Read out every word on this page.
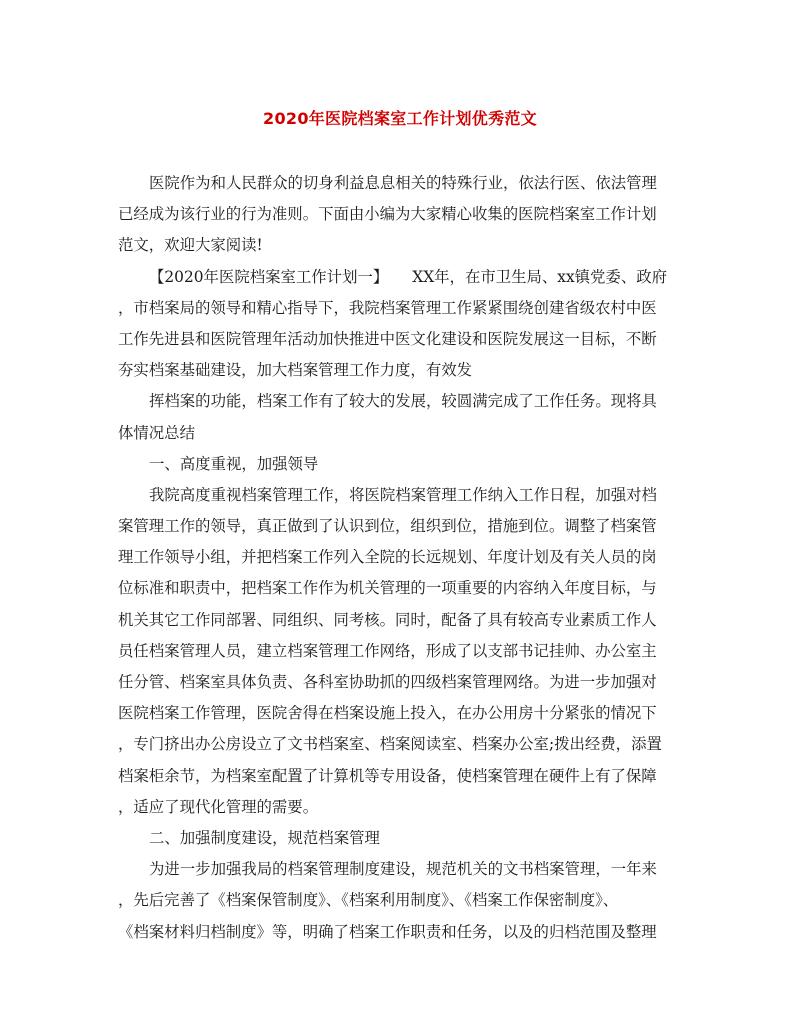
2020年医院档案室工作计划优秀范文
医院作为和人民群众的切身利益息息相关的特殊行业，依法行医、依法管理
已经成为该行业的行为准则。下面由小编为大家精心收集的医院档案室工作计划
范文，欢迎大家阅读!
【2020年医院档案室工作计划一】 XX年，在市卫生局、xx镇党委、政府
，市档案局的领导和精心指导下，我院档案管理工作紧紧围绕创建省级农村中医
工作先进县和医院管理年活动加快推进中医文化建设和医院发展这一目标，不断
夯实档案基础建设，加大档案管理工作力度，有效发
挥档案的功能，档案工作有了较大的发展，较圆满完成了工作任务。现将具
体情况总结
一、高度重视，加强领导
我院高度重视档案管理工作，将医院档案管理工作纳入工作日程，加强对档
案管理工作的领导，真正做到了认识到位，组织到位，措施到位。调整了档案管
理工作领导小组，并把档案工作列入全院的长远规划、年度计划及有关人员的岗
位标准和职责中，把档案工作作为机关管理的一项重要的内容纳入年度目标，与
机关其它工作同部署、同组织、同考核。同时，配备了具有较高专业素质工作人
员任档案管理人员，建立档案管理工作网络，形成了以支部书记挂帅、办公室主
任分管、档案室具体负责、各科室协助抓的四级档案管理网络。为进一步加强对
医院档案工作管理，医院舍得在档案设施上投入，在办公用房十分紧张的情况下
，专门挤出办公房设立了文书档案室、档案阅读室、档案办公室;拨出经费，添置
档案柜余节，为档案室配置了计算机等专用设备，使档案管理在硬件上有了保障
，适应了现代化管理的需要。
二、加强制度建设，规范档案管理
为进一步加强我局的档案管理制度建设，规范机关的文书档案管理，一年来
，先后完善了《档案保管制度》、《档案利用制度》、《档案工作保密制度》、
《档案材料归档制度》等，明确了档案工作职责和任务，以及的归档范围及整理
